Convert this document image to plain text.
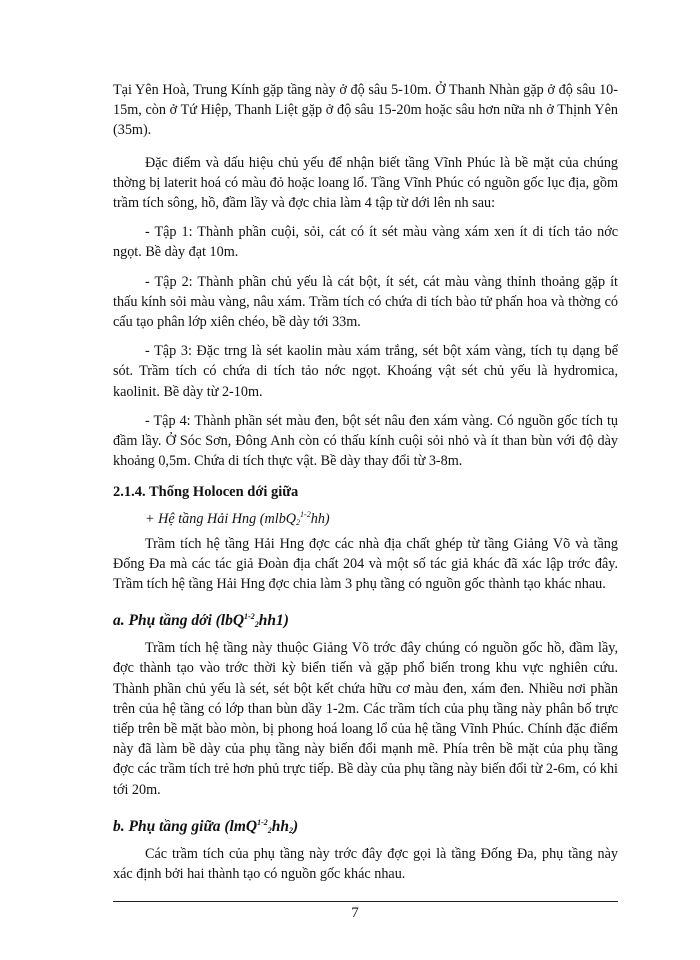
Tại Yên Hoà, Trung Kính gặp tầng này ở độ sâu 5-10m. Ở Thanh Nhàn gặp ở độ sâu 10-15m, còn ở Tứ Hiệp, Thanh Liệt gặp ở độ sâu 15-20m hoặc sâu hơn nữa nh ở Thịnh Yên (35m).

Đặc điểm và dấu hiệu chủ yếu để nhận biết tầng Vĩnh Phúc là bề mặt của chúng thờng bị laterit hoá có màu đỏ hoặc loang lổ. Tầng Vĩnh Phúc có nguồn gốc lục địa, gồm trầm tích sông, hồ, đầm lầy và đợc chia làm 4 tập từ dới lên nh sau:

- Tập 1: Thành phần cuội, sỏi, cát có ít sét màu vàng xám xen ít di tích tảo nớc ngọt. Bề dày đạt 10m.

- Tập 2: Thành phần chủ yếu là cát bột, ít sét, cát màu vàng thỉnh thoảng gặp ít thấu kính sỏi màu vàng, nâu xám. Trầm tích có chứa di tích bào tử phấn hoa và thờng có cấu tạo phân lớp xiên chéo, bề dày tới 33m.

- Tập 3: Đặc trng là sét kaolin màu xám trắng, sét bột xám vàng, tích tụ dạng bể sót. Trầm tích có chứa di tích tảo nớc ngọt. Khoáng vật sét chủ yếu là hydromica, kaolinit. Bề dày từ 2-10m.

- Tập 4: Thành phần sét màu đen, bột sét nâu đen xám vàng. Có nguồn gốc tích tụ đầm lầy. Ở Sóc Sơn, Đông Anh còn có thấu kính cuội sỏi nhỏ và ít than bùn với độ dày khoảng 0,5m. Chứa di tích thực vật. Bề dày thay đổi từ 3-8m.

2.1.4. Thống Holocen dới giữa

+ Hệ tầng Hải Hng (mlbQ$_2^{1-2}$hh)

Trầm tích hệ tầng Hải Hng đợc các nhà địa chất ghép từ tầng Giảng Võ và tầng Đống Đa mà các tác giả Đoàn địa chất 204 và một số tác giả khác đã xác lập trớc đây. Trầm tích hệ tầng Hải Hng đợc chia làm 3 phụ tầng có nguồn gốc thành tạo khác nhau.

a. Phụ tầng dới (lbQ$^{1-2}_2$hh1)

Trầm tích hệ tầng này thuộc Giảng Võ trớc đây chúng có nguồn gốc hồ, đầm lầy, đợc thành tạo vào trớc thời kỳ biển tiến và gặp phổ biến trong khu vực nghiên cứu. Thành phần chủ yếu là sét, sét bột kết chứa hữu cơ màu đen, xám đen. Nhiều nơi phần trên của hệ tầng có lớp than bùn dầy 1-2m. Các trầm tích của phụ tầng này phân bố trực tiếp trên bề mặt bào mòn, bị phong hoá loang lổ của hệ tầng Vĩnh Phúc. Chính đặc điểm này đã làm bề dày của phụ tầng này biến đổi mạnh mẽ. Phía trên bề mặt của phụ tầng đợc các trầm tích trẻ hơn phủ trực tiếp. Bề dày của phụ tầng này biến đổi từ 2-6m, có khi tới 20m.

b. Phụ tầng giữa $(lmQ^{1-2}_2hh_2)$

Các trầm tích của phụ tầng này trớc đây đợc gọi là tầng Đống Đa, phụ tầng này xác định bởi hai thành tạo có nguồn gốc khác nhau.

7
